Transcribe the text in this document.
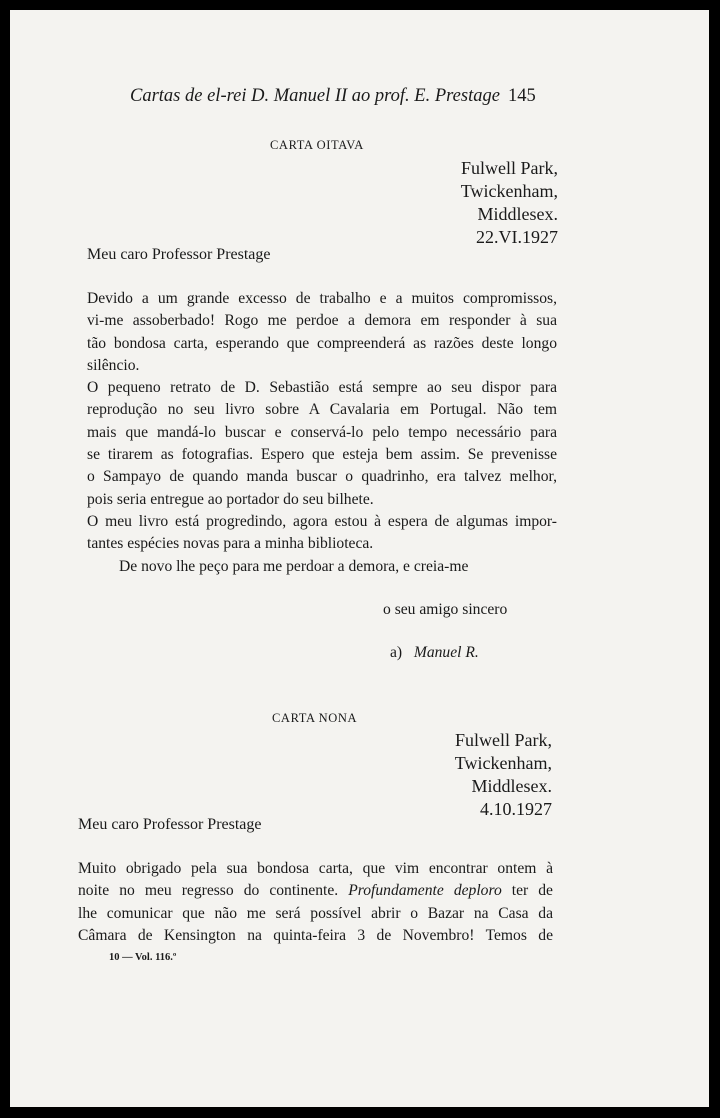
Cartas de el-rei D. Manuel II ao prof. E. Prestage 145
CARTA OITAVA
Fulwell Park,
Twickenham,
Middlesex.
22.VI.1927
Meu caro Professor Prestage

Devido a um grande excesso de trabalho e a muitos compromissos,

vi-me assoberbado! Rogo me perdoe a demora em responder à sua

tão bondosa carta, esperando que compreenderá as razões deste longo

silêncio.

O pequeno retrato de D. Sebastião está sempre ao seu dispor para

reprodução no seu livro sobre A Cavalaria em Portugal. Não tem

mais que mandá-lo buscar e conservá-lo pelo tempo necessário para

se tirarem as fotografias. Espero que esteja bem assim. Se prevenisse

o Sampayo de quando manda buscar o quadrinho, era talvez melhor,

pois seria entregue ao portador do seu bilhete.

O meu livro está progredindo, agora estou à espera de algumas impor-

tantes espécies novas para a minha biblioteca.

De novo lhe peço para me perdoar a demora, e creia-me

o seu amigo sincero
a) Manuel R.
CARTA NONA
Fulwell Park,
Twickenham,
Middlesex.
4.10.1927
Meu caro Professor Prestage

Muito obrigado pela sua bondosa carta, que vim encontrar ontem à

noite no meu regresso do continente. Profundamente deploro ter de

lhe comunicar que não me será possível abrir o Bazar na Casa da

Câmara de Kensington na quinta-feira 3 de Novembro! Temos de

10 — Vol. 116.º
